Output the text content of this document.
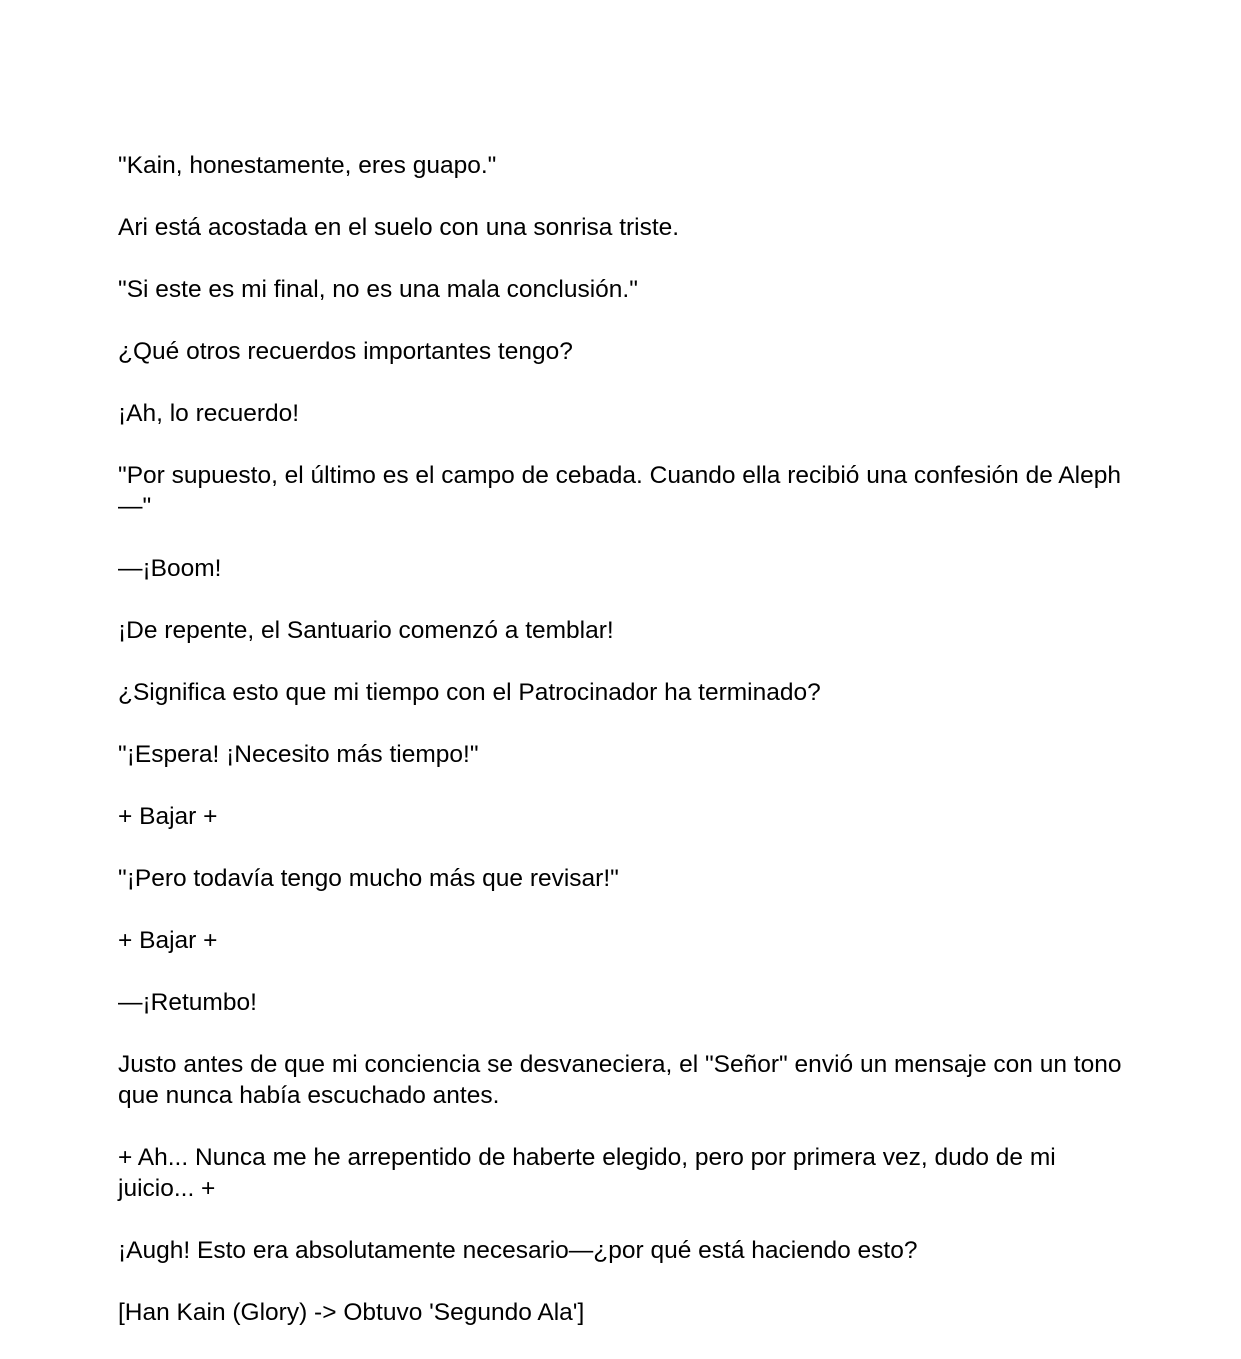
"Kain, honestamente, eres guapo."

Ari está acostada en el suelo con una sonrisa triste.

"Si este es mi final, no es una mala conclusión."

¿Qué otros recuerdos importantes tengo?

¡Ah, lo recuerdo!

"Por supuesto, el último es el campo de cebada. Cuando ella recibió una confesión de Aleph—"

—¡Boom!

¡De repente, el Santuario comenzó a temblar!

¿Significa esto que mi tiempo con el Patrocinador ha terminado?

"¡Espera! ¡Necesito más tiempo!"

+ Bajar +

"¡Pero todavía tengo mucho más que revisar!"

+ Bajar +

—¡Retumbo!

Justo antes de que mi conciencia se desvaneciera, el "Señor" envió un mensaje con un tono que nunca había escuchado antes.

+ Ah... Nunca me he arrepentido de haberte elegido, pero por primera vez, dudo de mi juicio... +

¡Augh! Esto era absolutamente necesario—¿por qué está haciendo esto?

[Han Kain (Glory) -> Obtuvo 'Segundo Ala']
